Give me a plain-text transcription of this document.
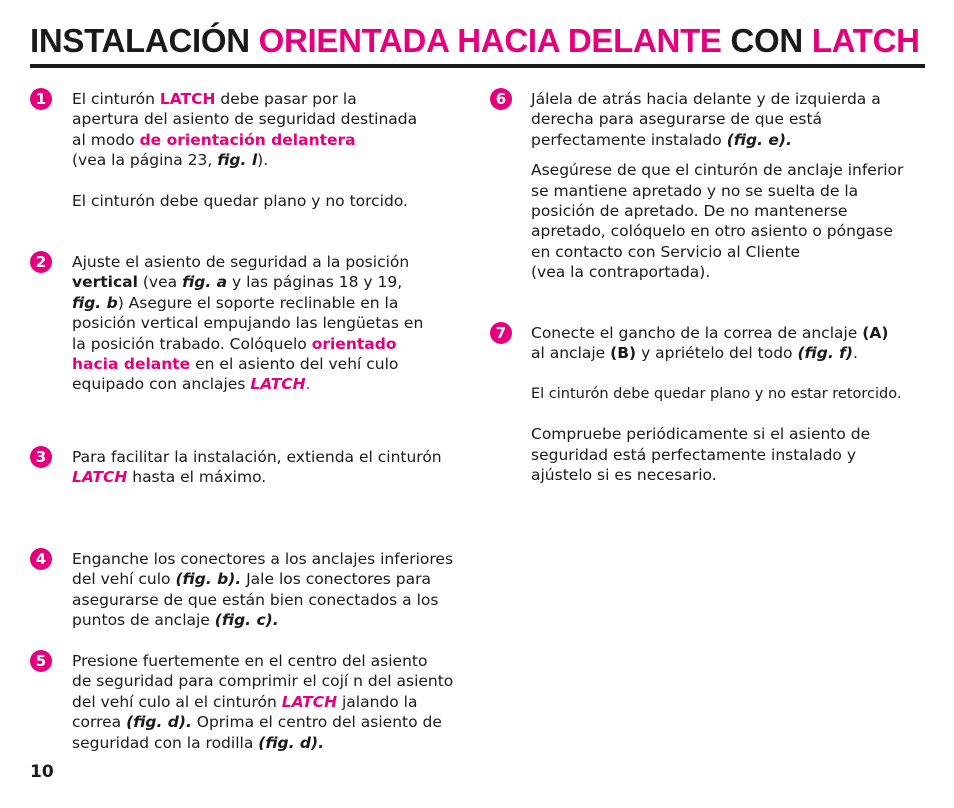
INSTALACIÓN ORIENTADA HACIA DELANTE CON LATCH
1	El cinturón LATCH debe pasar por la

apertura del asiento de seguridad destinada

al modo de orientación delantera

(vea la página 23, fig. l).

El cinturón debe quedar plano y no torcido.

2	Ajuste el asiento de seguridad a la posición

vertical (vea fig. a y las páginas 18 y 19,

fig. b) Asegure el soporte reclinable en la

posición vertical empujando las lengüetas en

la posición trabado. Colóquelo orientado

hacia delante en el asiento del vehí culo

equipado con anclajes LATCH.

3	Para facilitar la instalación, extienda el cinturón

LATCH hasta el máximo.

4	Enganche los conectores a los anclajes inferiores

del vehí culo (fig. b). Jale los conectores para

asegurarse de que están bien conectados a los

puntos de anclaje (fig. c).

5	Presione fuertemente en el centro del asiento

de seguridad para comprimir el cojí n del asiento

del vehí culo al el cinturón LATCH jalando la

correa (fig. d). Oprima el centro del asiento de

seguridad con la rodilla (fig. d).

6	Jálela de atrás hacia delante y de izquierda a

derecha para asegurarse de que está

perfectamente instalado (fig. e).

Asegúrese de que el cinturón de anclaje inferior

se mantiene apretado y no se suelta de la

posición de apretado. De no mantenerse

apretado, colóquelo en otro asiento o póngase

en contacto con Servicio al Cliente

(vea la contraportada).

7	Conecte el gancho de la correa de anclaje (A)

al anclaje (B) y apriételo del todo (fig. f).

El cinturón debe quedar plano y no estar retorcido.

Compruebe periódicamente si el asiento de

seguridad está perfectamente instalado y

ajústelo si es necesario.

10
